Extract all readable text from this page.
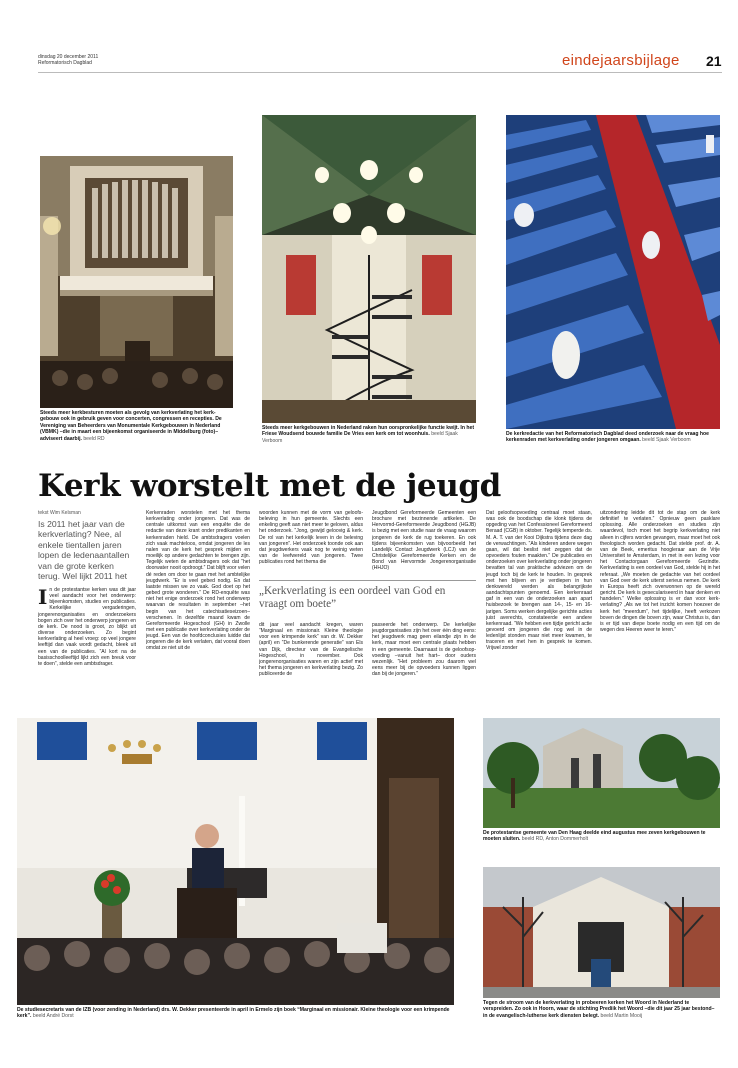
dinsdag 20 december 2011
Reformatorisch Dagblad	eindejaarsbijlage 21
Steeds meer kerkbesturen moeten als gevolg van kerkverlating het kerkgebouw ook in gebruik geven voor concerten, congressen en recepties. De Vereniging van Beheerders van Monumentale Kerkgebouwen in Nederland (VBMK) –die in maart een bijeenkomst organiseerde in Middelburg (foto)– adviseert daarbij. beeld RD
Steeds meer kerkgebouwen in Nederland raken hun oorspronkelijke functie kwijt. In het Friese Woudsend bouwde familie De Vries een kerk om tot woonhuis. beeld Sjaak Verboom
De kerkredactie van het Reformatorisch Dagblad deed onderzoek naar de vraag hoe kerkenraden met kerkverlating onder jongeren omgaan. beeld Sjaak Verboom
Kerk worstelt met de jeugd
tekst Wim Kelsman
Is 2011 het jaar van de kerkverlating? Nee, al enkele tientallen jaren lopen de ledenaantallen van de grote kerken terug. Wel lijkt 2011 het
In de protestantse kerken was dit jaar veel aandacht voor het onderwerp: bijeenkomsten, studies en publicaties. Kerkelijke vergaderingen, jongerenorganisaties en onderzoekers bogen zich over het onderwerp jongeren en de kerk. De nood is groot, zo blijkt uit diverse onderzoeken. Zo begint kerkverlating al heel vroeg: op veel jongere leeftijd dan vaak wordt gedacht, bleek uit een van de publicaties. “Al kort na de basisschoolleeftijd lijkt zich een breuk voor te doen”, stelde een ambtsdrager.
Kerkenraden worstelen met het thema kerkverlating onder jongeren. Dat was de centrale uitkomst van een enquête die de redactie van deze krant onder predikanten en kerkenraden hield. De ambtsdragers voelen zich vaak machteloos, omdat jongeren de les nalen van de kerk het gesprek mijden en moeilijk op andere gedachten te brengen zijn. Tegelijk weten de ambtsdragers ook dat “het doorwater nooit opdroogt.” Dat blijft voor velen dé reden om door te gaan met het ambtelijke jeugdwerk. “Er is veel gebed nodig. En dat laatste missen we zo vaak. God doet op het gebed grote wonderen.” De RD-enquête was niet het enige onderzoek rond het onderwerp waarvan de resultaten in september –het begin van het catechisatieseizoen– verschenen. In dezelfde maand kwam de Gereformeerde Hogeschool (GH) in Zwolle met een publicatie over kerkverlating onder de jeugd. Een van de hoofdconclusies luidde dat jongeren die de kerk verlaten, dat vooral doen omdat ze niet uit de
woorden kunnen met de vorm van geloofsbeleving in hun gemeente. Slechts een enkeling geeft aan niet meer te geloven, aldus het onderzoek. “Jong, gewijd geloovig & kerk. De rol van het kerkelijk leven in de beleving van jongeren”. Het onderzoek toonde ook aan dat jeugdwerkers vaak nog te weinig weten van de leefwereld van jongeren. Twee publicaties rond het thema die
Jeugdbond Gereformeerde Gemeenten een brochure met bezinnende artikelen. De Hervormd-Gereformeerde Jeugdbond (HGJB) is bezig met een studie naar de vraag waarom jongeren de kerk de rug toekeren. En ook tijdens bijeenkomsten van bijvoorbeeld het Landelijk Contact Jeugdwerk (LCJ) van de Christelijke Gereformeerde Kerken en de Bond van Hervormde Jongerenorganisatie (HHJO)
„Kerkverlating is een oordeel van God en vraagt om boete”
dit jaar veel aandacht kregen, waren “Marginaal en missionair. Kleine theologie voor een krimpende kerk” van dr. W. Dekker (april) en “De bunkerende generatie” van Els van Dijk, directeur van de Evangelische Hogeschool, in november. Ook jongerenorganisaties waren en zijn actief met het thema jongeren en kerkverlating bezig. Zo publiceerde de
passeerde het onderwerp. De kerkelijke jeugdorganisaties zijn het over één ding eens: het jeugdwerk mag geen eilandje zijn in de kerk, maar moet een centrale plaats hebben in een gemeente. Daarnaast is de geloofsopvoeding –vanuit het hart– door ouders wezenlijk. “Het probleem zou daarom wel eens meer bij de opvoeders kunnen liggen dan bij de jongeren.”
Dat geloofsopvoeding centraal moet staan, was ook de boodschap die klonk tijdens de opgeding van het Confessioneel Gereformeerd Beraad (CGB) in oktober. Tegelijk temperde ds. M. A. T. van der Kooi Dijkstra tijdens deze dag de verwachtingen. “Als kinderen andere wegen gaan, wil dat beslist niet zeggen dat de opvoeders fouten maakten.” De publicaties en onderzoeken over kerkverlating onder jongeren bevatten tal van praktische adviezen om de jeugd toch bij de kerk te houden. In gesprek met hen blijven en je verdiepen in hun denkwereld werden als belangrijkste aandachtspunten genoemd. Een kerkenraad gaf in een van de onderzoeken aan apart huisbezoek te brengen aan 14-, 15- en 16-jarigen. Soms werken dergelijke gerichte acties juist averechts, constateerde een andere kerkenraad. “We hebben een tijdje gericht actie gevoerd om jongeren die nog wel in de ledenlijst stonden maar niet meer kwamen, te traceren en met hen in gesprek te komen. Vrijwel zonder
uitzondering leidde dit tot de stap om de kerk definitief te verlaten.” Opnieuw geen pasklare oplossing. Alle onderzoeken en studies zijn waardevol, toch moet het begrip kerkverlating niet alleen in cijfers worden gevangen, maar moet het ook theologisch worden gedacht. Dat stelde prof. dr. A. van de Beek, emeritus hoogleraar aan de Vrije Universiteit te Amsterdam, in met in een lezing voor het Contactorgaan Gereformeerde Gezindte. Kerkverlating is een oordeel van God, stelde hij in het referaat. „We moeten de gedachte van het oordeel van God over de kerk uiterst serieus nemen. De kerk in Europa heeft zich overwonnen op de wereld gericht. De kerk is geseculariseerd in haar denken en handelen.” Welke oplossing is er dan voor kerkverlating? „Als we tot het inzicht komen hoezeer de kerk het “meerdum”, het tijdelijke, heeft verkozen boven de dingen die boven zijn, waar Christus is, dan is er tijd van diepe boete nodig en een tijd om de wegen des Heeren weer te leren.”
De studiesecretaris van de IZB (voor zending in Nederland) drs. W. Dekker presenteerde in april in Ermelo zijn boek “Marginaal en missionair. Kleine theologie voor een krimpende kerk”. beeld André Dorst
De protestantse gemeente van Den Haag deelde eind augustus mee zeven kerkgebouwen te moeten sluiten. beeld RD, Anton Dommerholt
Tegen de stroom van de kerkverlating in probeeren kerken het Woord in Nederland te verspreiden. Zo ook in Hoorn, waar de stichting Prediik het Woord –die dit jaar 25 jaar bestond– in de evangelisch-lutherse kerk diensten belegt. beeld Martin Mooij
